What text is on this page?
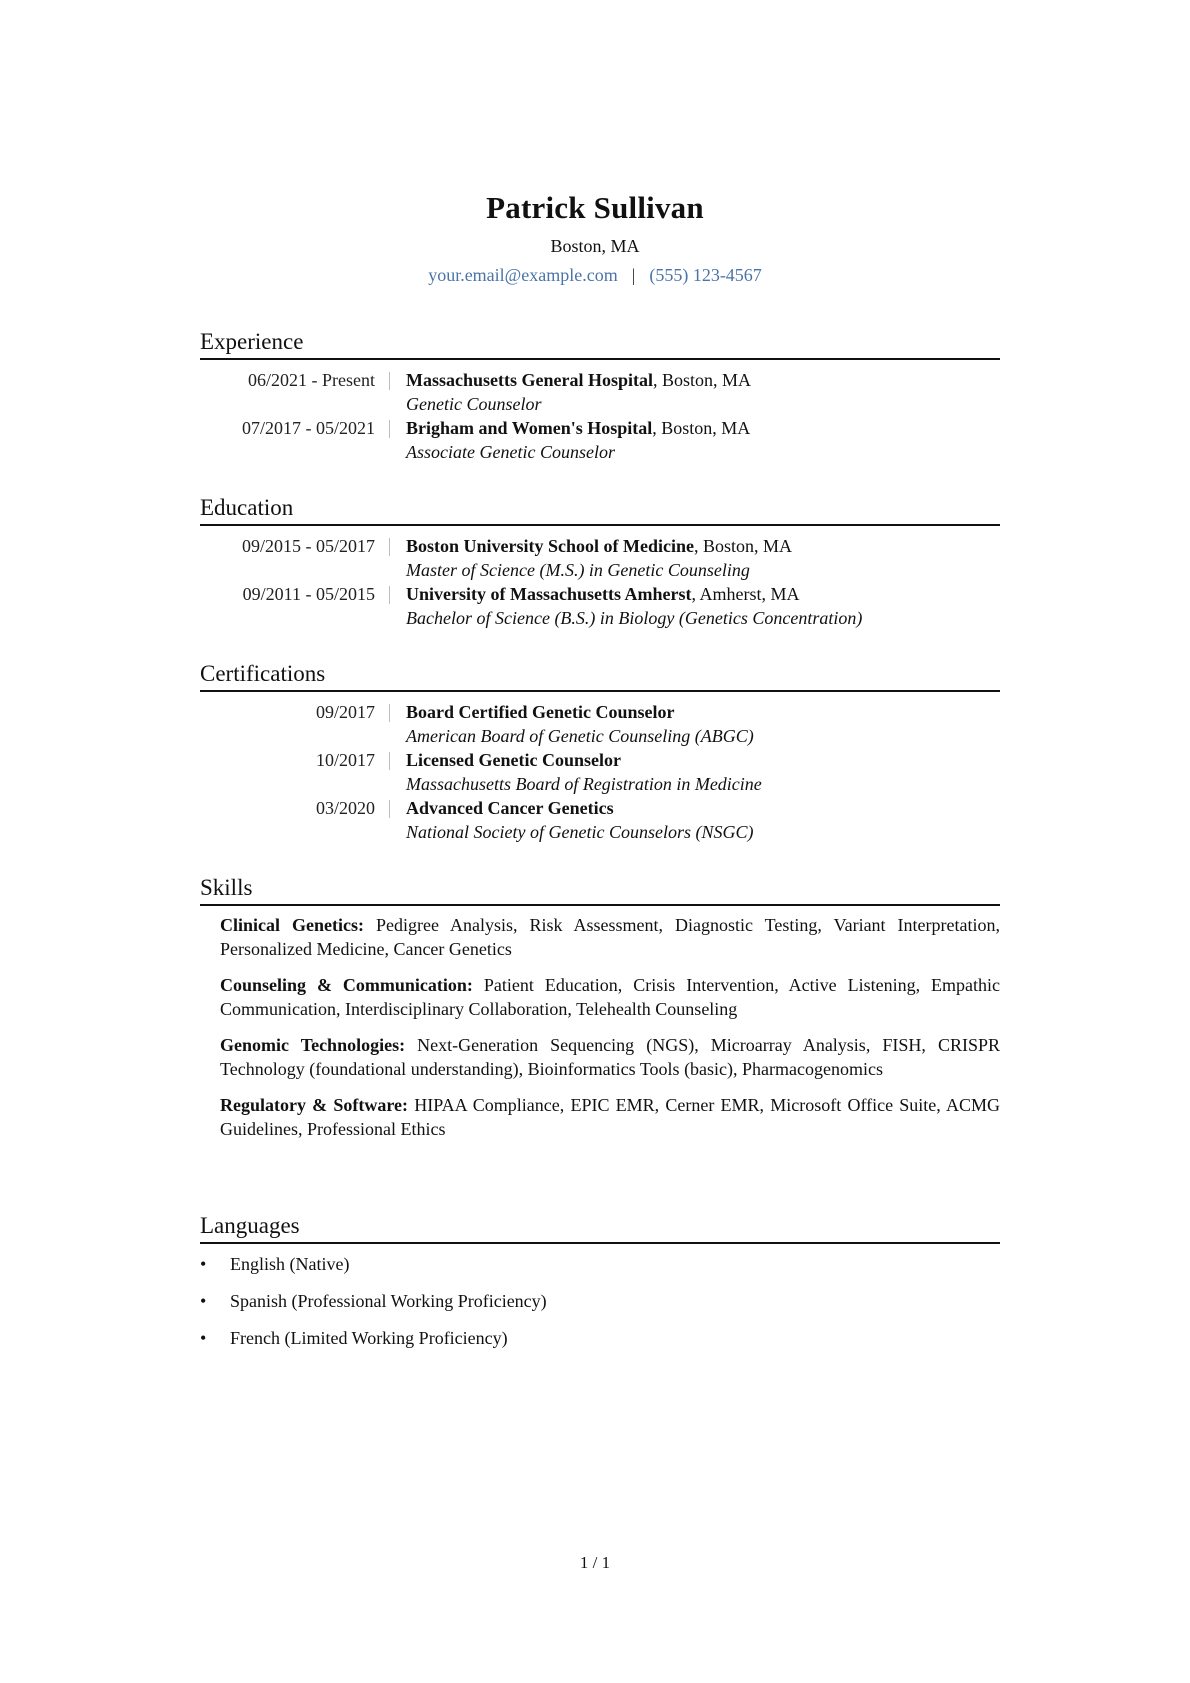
Patrick Sullivan
Boston, MA
your.email@example.com | (555) 123-4567
Experience
06/2021 - Present	Massachusetts General Hospital, Boston, MA
Genetic Counselor
07/2017 - 05/2021	Brigham and Women's Hospital, Boston, MA
Associate Genetic Counselor
Education
09/2015 - 05/2017	Boston University School of Medicine, Boston, MA
Master of Science (M.S.) in Genetic Counseling
09/2011 - 05/2015	University of Massachusetts Amherst, Amherst, MA
Bachelor of Science (B.S.) in Biology (Genetics Concentration)
Certifications
09/2017	Board Certified Genetic Counselor
American Board of Genetic Counseling (ABGC)
10/2017	Licensed Genetic Counselor
Massachusetts Board of Registration in Medicine
03/2020	Advanced Cancer Genetics
National Society of Genetic Counselors (NSGC)
Skills
Clinical Genetics: Pedigree Analysis, Risk Assessment, Diagnostic Testing, Variant Interpretation, Personalized Medicine, Cancer Genetics
Counseling & Communication: Patient Education, Crisis Intervention, Active Listening, Empathic Communication, Interdisciplinary Collaboration, Telehealth Counseling
Genomic Technologies: Next-Generation Sequencing (NGS), Microarray Analysis, FISH, CRISPR Technology (foundational understanding), Bioinformatics Tools (basic), Pharmacogenomics
Regulatory & Software: HIPAA Compliance, EPIC EMR, Cerner EMR, Microsoft Office Suite, ACMG Guidelines, Professional Ethics
Languages
• English (Native)
• Spanish (Professional Working Proficiency)
• French (Limited Working Proficiency)
1 / 1
